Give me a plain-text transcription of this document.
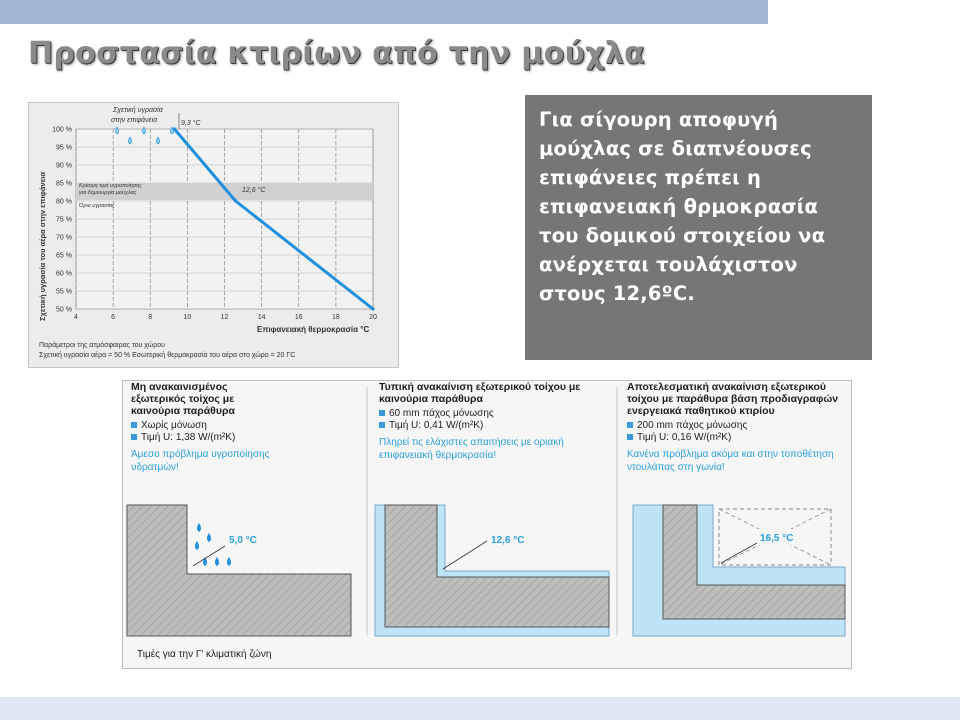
Προστασία κτιρίων από την μούχλα
100 %
95 %
90 %
85 %
80 %
75 %
70 %
65 %
60 %
55 %
50 %
4	6	8	10	12	14	16	18	20
Σχετική υγρασία
στην επιφάνεια	9,3 °C
12,6 °C
Κρίσιμη τιμή υγροποίησης
για δημιουργία μούχλας
Όριο υγρασίας
Επιφανειακή θερμοκρασία °C
Σχετική υγρασία του αέρα στην επιφάνεια
Παράμετροι της ατμόσφαιρας του χώρου
Σχετική υγρασία αέρα = 50 % Εσωτερική θερμοκρασία του αέρα στο χώρο = 20 ΓC
Για σίγουρη αποφυγή
μούχλας σε διαπνέουσες
επιφάνειες πρέπει η
επιφανειακή θρμοκρασία
του δομικού στοιχείου να
ανέρχεται τουλάχιστον
στους 12,6ºC.
5,0 °C	12,6 °C	16,5 °C
Μη ανακαινισμένος εξωτερικός τοίχος με καινούρια παράθυρα
Χωρίς μόνωση
Τιμή U: 1,38 W/(m²K)

Άμεσο πρόβλημα υγροποίησης υδρατμών!

Τυπική ανακαίνιση εξωτερικού τοίχου με καινούρια παράθυρα
60 mm πάχος μόνωσης
Τιμή U: 0,41 W/(m²K)

Πληρεί τις ελάχιστες απαιτήσεις με οριακή επιφανειακή θερμοκρασία!

Αποτελεσματική ανακαίνιση εξωτερικού τοίχου με παράθυρα βάση προδιαγραφών ενεργειακά παθητικού κτιρίου
200 mm πάχος μόνωσης
Τιμή U: 0,16 W/(m²K)

Κανένα πρόβλημα ακόμα και στην τοποθέτηση ντουλάπας στη γωνία!

Τιμές για την Γ' κλιματική ζώνη
